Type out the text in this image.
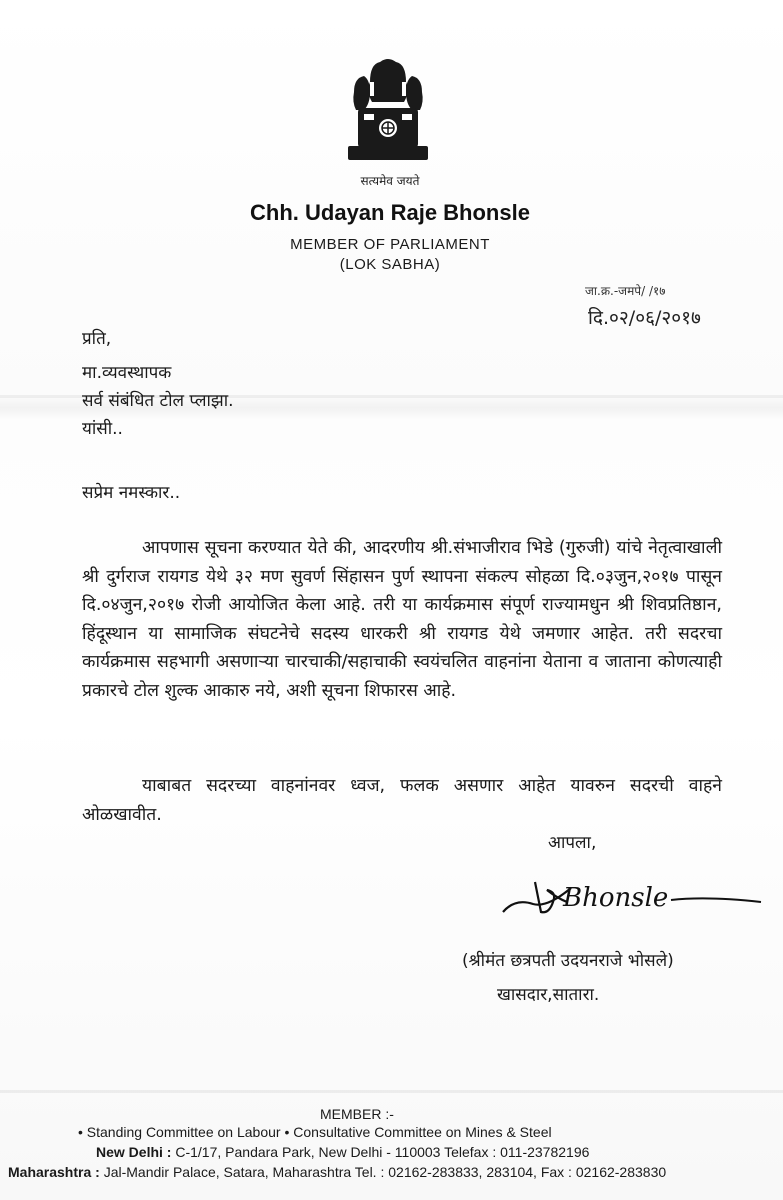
सत्यमेव जयते
Chh. Udayan Raje Bhonsle
MEMBER OF PARLIAMENT
(LOK SABHA)
जा.क्र.-जमपे/ /१७
दि.०२/०६/२०१७
प्रति,
मा.व्यवस्थापक
सर्व संबंधित टोल प्लाझा.
यांसी..
सप्रेम नमस्कार..
आपणास सूचना करण्यात येते की, आदरणीय श्री.संभाजीराव भिडे (गुरुजी) यांचे नेतृत्वाखाली श्री दुर्गराज रायगड येथे ३२ मण सुवर्ण सिंहासन पुर्ण स्थापना संकल्प सोहळा दि.०३जुन,२०१७ पासून दि.०४जुन,२०१७ रोजी आयोजित केला आहे. तरी या कार्यक्रमास संपूर्ण राज्यामधुन श्री शिवप्रतिष्ठान, हिंदूस्थान या सामाजिक संघटनेचे सदस्य धारकरी श्री रायगड येथे जमणार आहेत. तरी सदरचा कार्यक्रमास सहभागी असणाऱ्या चारचाकी/सहाचाकी स्वयंचलित वाहनांना येताना व जाताना कोणत्याही प्रकारचे टोल शुल्क आकारु नये, अशी सूचना शिफारस आहे.
याबाबत सदरच्या वाहनांनवर ध्वज, फलक असणार आहेत यावरुन सदरची वाहने ओळखावीत.
आपला,
Bhonsle
(श्रीमंत छत्रपती उदयनराजे भोसले)
खासदार,सातारा.
MEMBER :-
• Standing Committee on Labour • Consultative Committee on Mines & Steel
New Delhi : C-1/17, Pandara Park, New Delhi - 110003 Telefax : 011-23782196
Maharashtra : Jal-Mandir Palace, Satara, Maharashtra Tel. : 02162-283833, 283104, Fax : 02162-283830
